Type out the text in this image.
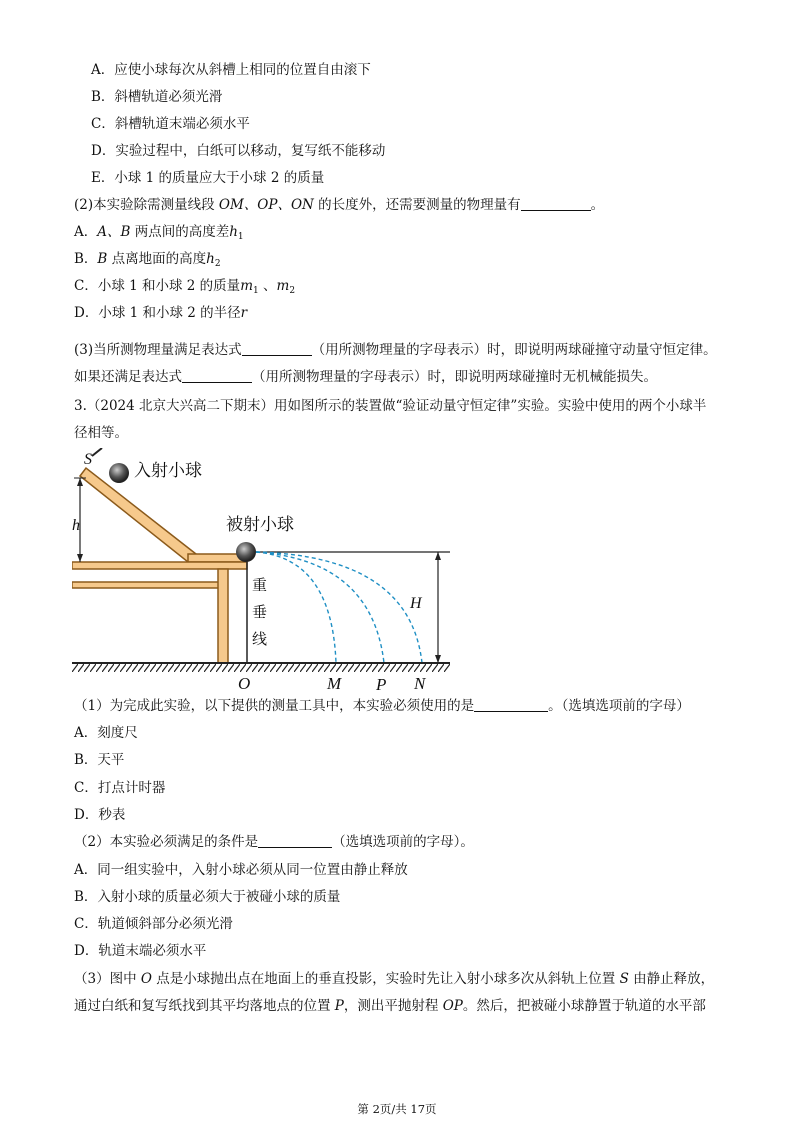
A．应使小球每次从斜槽上相同的位置自由滚下
B．斜槽轨道必须光滑
C．斜槽轨道末端必须水平
D．实验过程中，白纸可以移动，复写纸不能移动
E．小球 1 的质量应大于小球 2 的质量
(2)本实验除需测量线段 OM、OP、ON 的长度外，还需要测量的物理量有	。
A．A、B 两点间的高度差$h_1$
B．B 点离地面的高度$h_2$
C．小球 1 和小球 2 的质量$m_1$ 、$m_2$
D．小球 1 和小球 2 的半径r
(3)当所测物理量满足表达式	（用所测物理量的字母表示）时，即说明两球碰撞守动量守恒定律。
如果还满足表达式	（用所测物理量的字母表示）时，即说明两球碰撞时无机械能损失。
3.（2024 北京大兴高二下期末）用如图所示的装置做“验证动量守恒定律”实验。实验中使用的两个小球半
径相等。
S
入射小球
h	被射小球
重
垂
线
H
O	M P N
（1）为完成此实验，以下提供的测量工具中，本实验必须使用的是	。（选填选项前的字母）
A．刻度尺
B．天平
C．打点计时器
D．秒表
（2）本实验必须满足的条件是	（选填选项前的字母）。
A．同一组实验中，入射小球必须从同一位置由静止释放
B．入射小球的质量必须大于被碰小球的质量
C．轨道倾斜部分必须光滑
D．轨道末端必须水平
（3）图中 O 点是小球抛出点在地面上的垂直投影，实验时先让入射小球多次从斜轨上位置 S 由静止释放，
通过白纸和复写纸找到其平均落地点的位置 P，测出平抛射程 OP。然后，把被碰小球静置于轨道的水平部
第 2页/共 17页
